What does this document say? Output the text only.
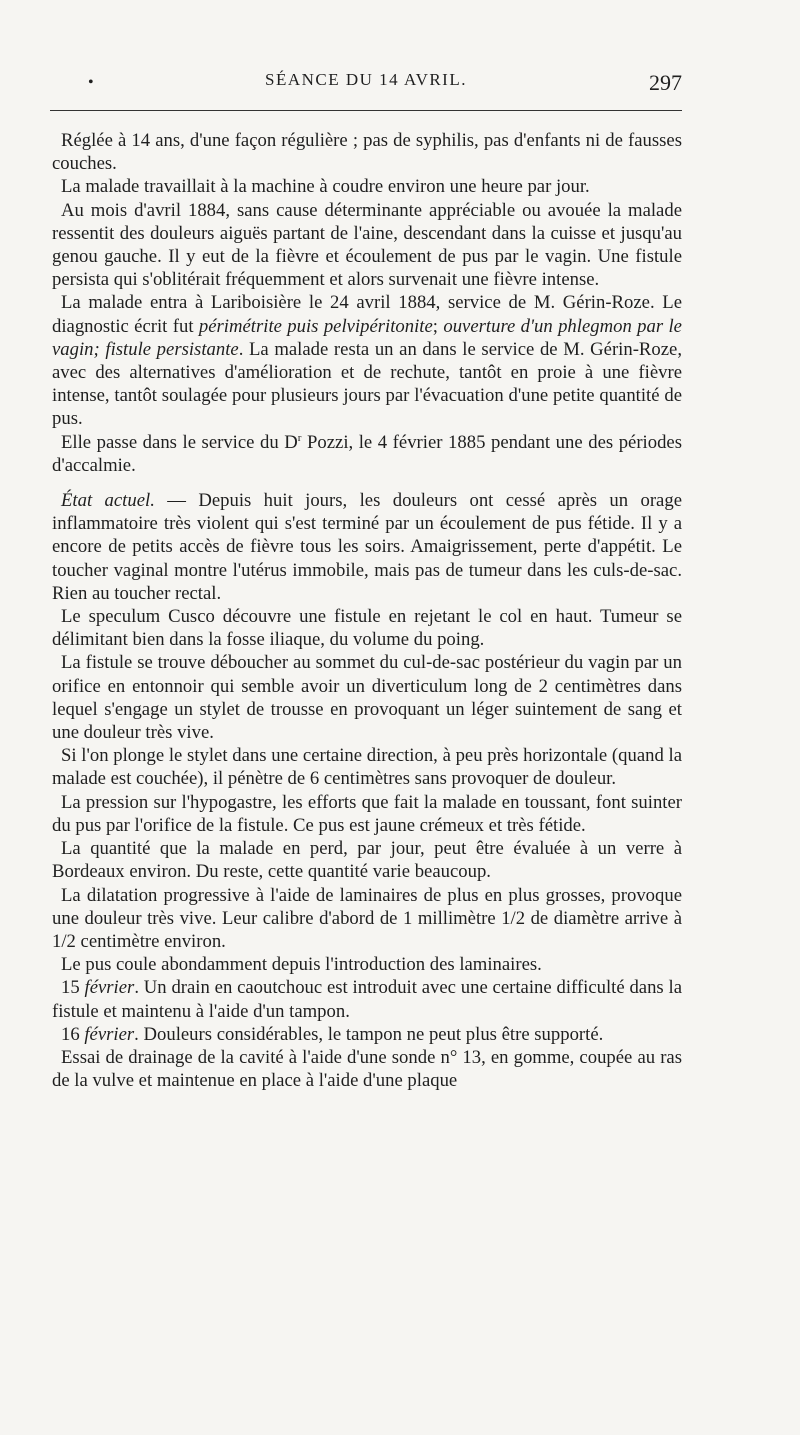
•	SÉANCE DU 14 AVRIL.	297

Réglée à 14 ans, d'une façon régulière ; pas de syphilis, pas d'enfants ni de fausses couches.

La malade travaillait à la machine à coudre environ une heure par jour.

Au mois d'avril 1884, sans cause déterminante appréciable ou avouée la malade ressentit des douleurs aiguës partant de l'aine, descendant dans la cuisse et jusqu'au genou gauche. Il y eut de la fièvre et écoulement de pus par le vagin. Une fistule persista qui s'oblitérait fréquemment et alors survenait une fièvre intense.

La malade entra à Lariboisière le 24 avril 1884, service de M. Gérin-Roze. Le diagnostic écrit fut périmétrite puis pelvipéritonite; ouverture d'un phlegmon par le vagin; fistule persistante. La malade resta un an dans le service de M. Gérin-Roze, avec des alternatives d'amélioration et de rechute, tantôt en proie à une fièvre intense, tantôt soulagée pour plusieurs jours par l'évacuation d'une petite quantité de pus.

Elle passe dans le service du $D^r$ Pozzi, le 4 février 1885 pendant une des périodes d'accalmie.

État actuel. — Depuis huit jours, les douleurs ont cessé après un orage inflammatoire très violent qui s'est terminé par un écoulement de pus fétide. Il y a encore de petits accès de fièvre tous les soirs. Amaigrissement, perte d'appétit. Le toucher vaginal montre l'utérus immobile, mais pas de tumeur dans les culs-de-sac. Rien au toucher rectal.

Le speculum Cusco découvre une fistule en rejetant le col en haut. Tumeur se délimitant bien dans la fosse iliaque, du volume du poing.

La fistule se trouve déboucher au sommet du cul-de-sac postérieur du vagin par un orifice en entonnoir qui semble avoir un diverticulum long de 2 centimètres dans lequel s'engage un stylet de trousse en provoquant un léger suintement de sang et une douleur très vive.

Si l'on plonge le stylet dans une certaine direction, à peu près horizontale (quand la malade est couchée), il pénètre de 6 centimètres sans provoquer de douleur.

La pression sur l'hypogastre, les efforts que fait la malade en toussant, font suinter du pus par l'orifice de la fistule. Ce pus est jaune crémeux et très fétide.

La quantité que la malade en perd, par jour, peut être évaluée à un verre à Bordeaux environ. Du reste, cette quantité varie beaucoup.

La dilatation progressive à l'aide de laminaires de plus en plus grosses, provoque une douleur très vive. Leur calibre d'abord de 1 millimètre 1/2 de diamètre arrive à 1/2 centimètre environ.

Le pus coule abondamment depuis l'introduction des laminaires.

15 février. Un drain en caoutchouc est introduit avec une certaine difficulté dans la fistule et maintenu à l'aide d'un tampon.

16 février. Douleurs considérables, le tampon ne peut plus être supporté.

Essai de drainage de la cavité à l'aide d'une sonde n° 13, en gomme, coupée au ras de la vulve et maintenue en place à l'aide d'une plaque
